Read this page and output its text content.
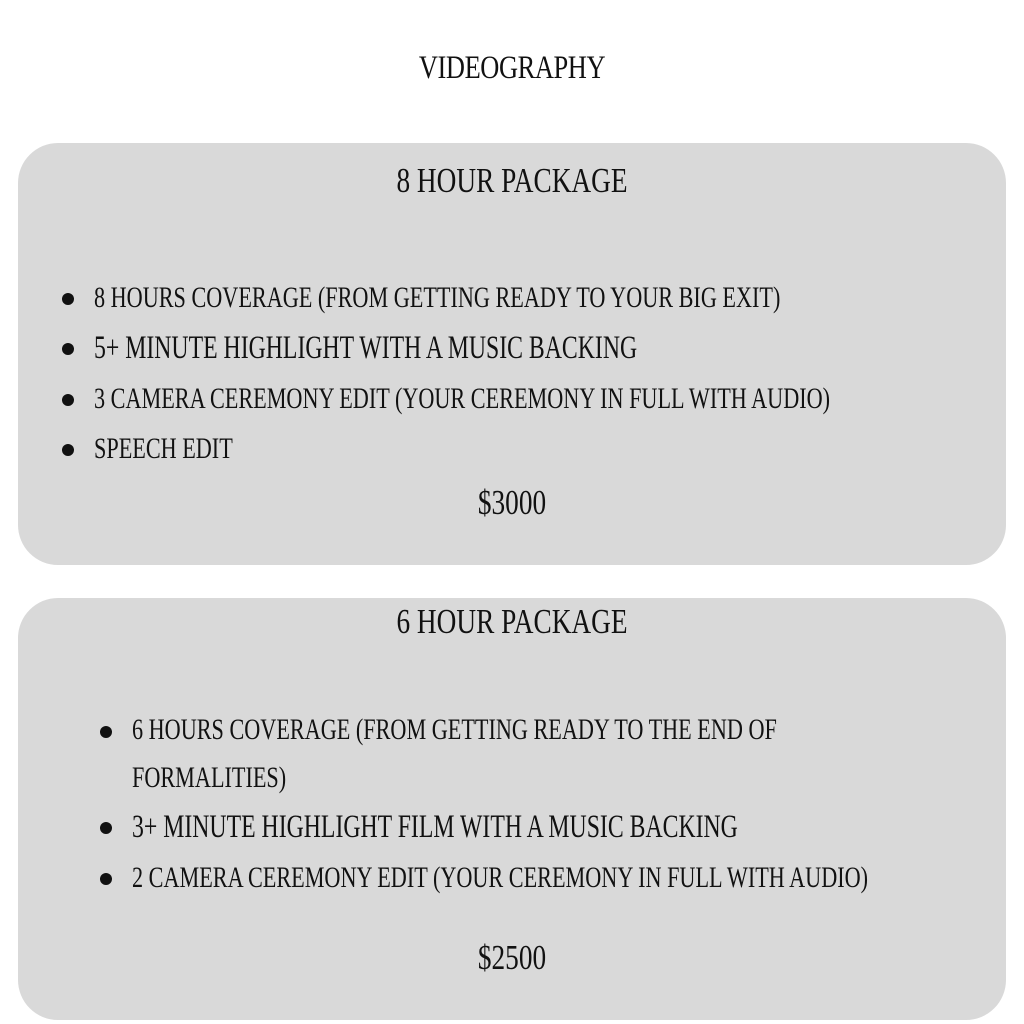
VIDEOGRAPHY
8 HOUR PACKAGE
8 HOURS COVERAGE (FROM GETTING READY TO YOUR BIG EXIT)
5+ MINUTE HIGHLIGHT WITH A MUSIC BACKING
3 CAMERA CEREMONY EDIT (YOUR CEREMONY IN FULL WITH AUDIO)
SPEECH EDIT
$3000
6 HOUR PACKAGE
6 HOURS COVERAGE (FROM GETTING READY TO THE END OF FORMALITIES)
3+ MINUTE HIGHLIGHT FILM WITH A MUSIC BACKING
2 CAMERA CEREMONY EDIT (YOUR CEREMONY IN FULL WITH AUDIO)
$2500
